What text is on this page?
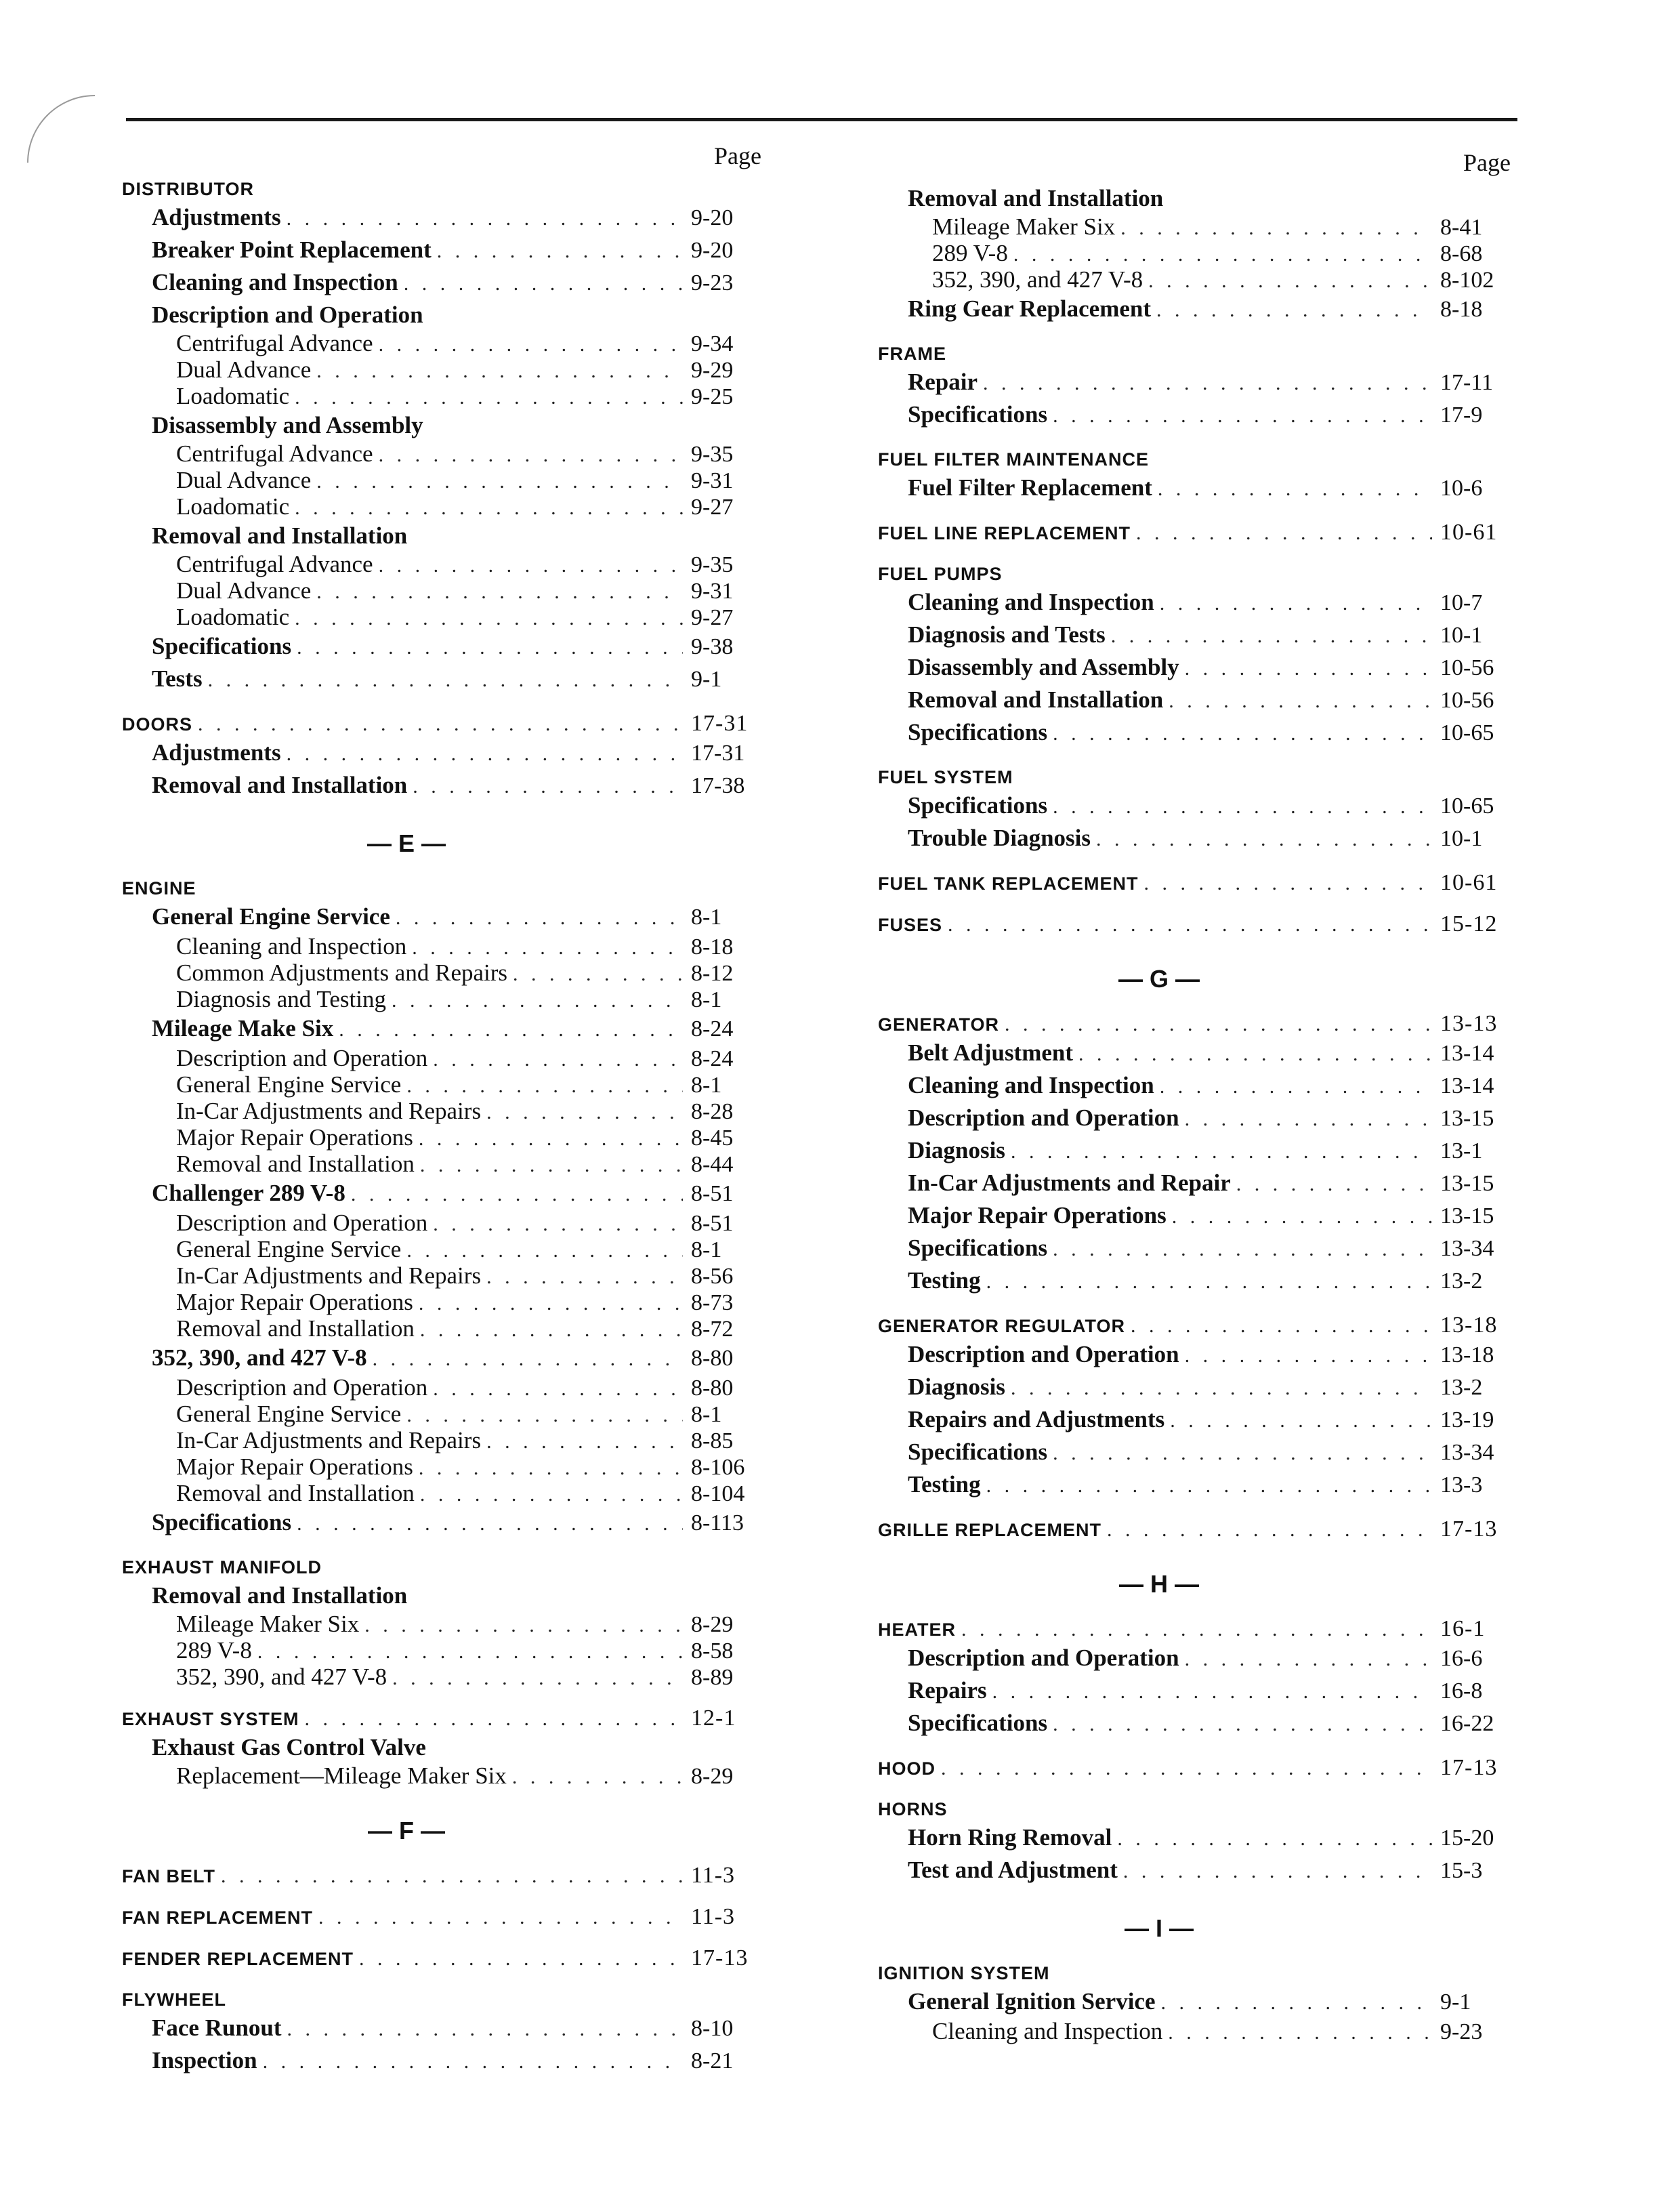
Page
DISTRIBUTOR
Adjustments . . .	9-20
Breaker Point Replacement . . .	9-20
Cleaning and Inspection . . .	9-23
Description and Operation
Centrifugal Advance . . .	9-34
Dual Advance . . .	9-29
Loadomatic . . .	9-25
Disassembly and Assembly
Centrifugal Advance . . .	9-35
Dual Advance . . .	9-31
Loadomatic . . .	9-27
Removal and Installation
Centrifugal Advance . . .	9-35
Dual Advance . . .	9-31
Loadomatic . . .	9-27
Specifications . . .	9-38
Tests . . .	9-1
DOORS . . .	17-31
Adjustments . . .	17-31
Removal and Installation . . .	17-38
— E —
ENGINE
General Engine Service . . .	8-1
Cleaning and Inspection . . .	8-18
Common Adjustments and Repairs . . .	8-12
Diagnosis and Testing . . .	8-1
Mileage Make Six . . .	8-24
Description and Operation . . .	8-24
General Engine Service . . .	8-1
In-Car Adjustments and Repairs . . .	8-28
Major Repair Operations . . .	8-45
Removal and Installation . . .	8-44
Challenger 289 V-8 . . .	8-51
Description and Operation . . .	8-51
General Engine Service . . .	8-1
In-Car Adjustments and Repairs . . .	8-56
Major Repair Operations . . .	8-73
Removal and Installation . . .	8-72
352, 390, and 427 V-8 . . .	8-80
Description and Operation . . .	8-80
General Engine Service . . .	8-1
In-Car Adjustments and Repairs . . .	8-85
Major Repair Operations . . .	8-106
Removal and Installation . . .	8-104
Specifications . . .	8-113
EXHAUST MANIFOLD
Removal and Installation
Mileage Maker Six . . .	8-29
289 V-8 . . .	8-58
352, 390, and 427 V-8 . . .	8-89
EXHAUST SYSTEM . . .	12-1
Exhaust Gas Control Valve
Replacement—Mileage Maker Six . . .	8-29
— F —
FAN BELT . . .	11-3
FAN REPLACEMENT . . .	11-3
FENDER REPLACEMENT . . .	17-13
FLYWHEEL
Face Runout . . .	8-10
Inspection . . .	8-21
Page
Removal and Installation
Mileage Maker Six . . .	8-41
289 V-8 . . .	8-68
352, 390, and 427 V-8 . . .	8-102
Ring Gear Replacement . . .	8-18
FRAME
Repair . . .	17-11
Specifications . . .	17-9
FUEL FILTER MAINTENANCE
Fuel Filter Replacement . . .	10-6
FUEL LINE REPLACEMENT . . .	10-61
FUEL PUMPS
Cleaning and Inspection . . .	10-7
Diagnosis and Tests . . .	10-1
Disassembly and Assembly . . .	10-56
Removal and Installation . . .	10-56
Specifications . . .	10-65
FUEL SYSTEM
Specifications . . .	10-65
Trouble Diagnosis . . .	10-1
FUEL TANK REPLACEMENT . . .	10-61
FUSES . . .	15-12
— G —
GENERATOR . . .	13-13
Belt Adjustment . . .	13-14
Cleaning and Inspection . . .	13-14
Description and Operation . . .	13-15
Diagnosis . . .	13-1
In-Car Adjustments and Repair . . .	13-15
Major Repair Operations . . .	13-15
Specifications . . .	13-34
Testing . . .	13-2
GENERATOR REGULATOR . . .	13-18
Description and Operation . . .	13-18
Diagnosis . . .	13-2
Repairs and Adjustments . . .	13-19
Specifications . . .	13-34
Testing . . .	13-3
GRILLE REPLACEMENT . . .	17-13
— H —
HEATER . . .	16-1
Description and Operation . . .	16-6
Repairs . . .	16-8
Specifications . . .	16-22
HOOD . . .	17-13
HORNS
Horn Ring Removal . . .	15-20
Test and Adjustment . . .	15-3
— I —
IGNITION SYSTEM
General Ignition Service . . .	9-1
Cleaning and Inspection . . .	9-23
